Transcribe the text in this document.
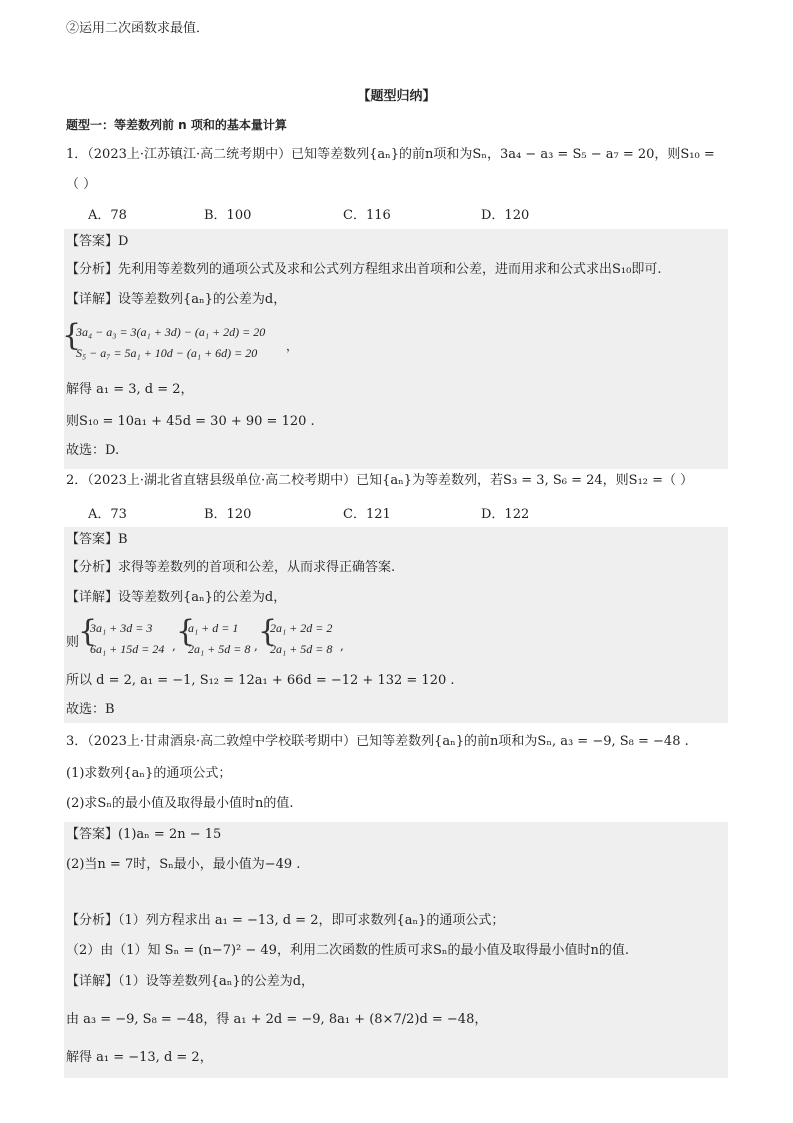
②运用二次函数求最值．
【题型归纳】
题型一：等差数列前 n 项和的基本量计算
1．（2023上·江苏镇江·高二统考期中）已知等差数列{aₙ}的前n项和为Sₙ，3a₄ − a₃ = S₅ − a₇ = 20，则S₁₀ =
（ ）
A．78	B．100	C．116	D．120
【答案】D
【分析】先利用等差数列的通项公式及求和公式列方程组求出首项和公差，进而用求和公式求出S₁₀即可.
【详解】设等差数列{aₙ}的公差为d，
{
3a₄ − a₃ = 3(a₁ + 3d) − (a₁ + 2d) = 20
S₅ − a₇ = 5a₁ + 10d − (a₁ + 6d) = 20 ，
解得 a₁ = 3, d = 2，
则S₁₀ = 10a₁ + 45d = 30 + 90 = 120 .
故选：D.
2．（2023上·湖北省直辖县级单位·高二校考期中）已知{aₙ}为等差数列，若S₃ = 3, S₆ = 24，则S₁₂ =（ ）
A．73	B．120	C．121	D．122
【答案】B
【分析】求得等差数列的首项和公差，从而求得正确答案.
【详解】设等差数列{aₙ}的公差为d，
则
{
3a₁ + 3d = 3
6a₁ + 15d = 24 , {
a₁ + d = 1
2a₁ + 5d = 8 , {
2a₁ + 2d = 2
2a₁ + 5d = 8 ,
所以 d = 2, a₁ = −1, S₁₂ = 12a₁ + 66d = −12 + 132 = 120 .
故选：B
3．（2023上·甘肃酒泉·高二敦煌中学校联考期中）已知等差数列{aₙ}的前n项和为Sₙ, a₃ = −9, S₈ = −48 .
(1)求数列{aₙ}的通项公式；
(2)求Sₙ的最小值及取得最小值时n的值.
【答案】(1)aₙ = 2n − 15
(2)当n = 7时，Sₙ最小，最小值为−49 .
【分析】（1）列方程求出 a₁ = −13, d = 2，即可求数列{aₙ}的通项公式；
（2）由（1）知 Sₙ = (n−7)² − 49，利用二次函数的性质可求Sₙ的最小值及取得最小值时n的值.
【详解】（1）设等差数列{aₙ}的公差为d，
由 a₃ = −9, S₈ = −48，得 a₁ + 2d = −9, 8a₁ + (8×7/2)d = −48，
解得 a₁ = −13, d = 2，
